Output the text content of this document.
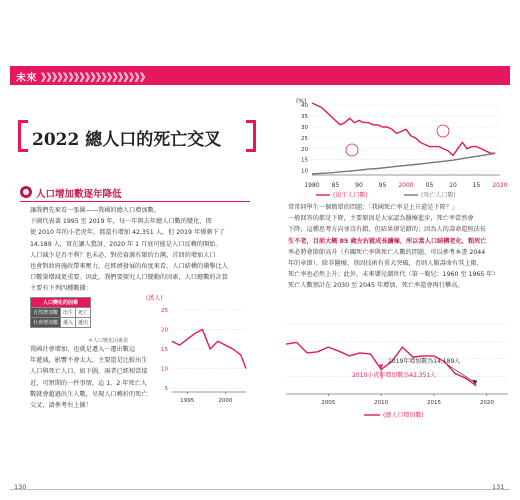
未來 》》》》》》》》》》》》》》》》》》》
2022 總人口的死亡交叉
人口增加數逐年降低
讓我們先來看一張圖——我國的總人口增加數。
下圖代表著 1995 至 2019 年，每一年與去年總人口數的變化，即
使 2010 年的小老虎年，都還有增加 42,351 人，但 2019 年僅剩下了
14,189 人，實在讓人驚訝，2020 年 1 月底可能是人口反轉的開始。
人口減少是否不利？也未必，對於資源有限的台灣，首回的增加人口
也會對政府施政帶來壓力，在經濟發展的角度來看，人口結構的衝擊比人
口數量增減更重要。因此，我們要探究人口變動的因素，人口總數的計算
主要有下列四種數據：
人口變化的因素		
自然增加數	出生	死亡
社會增加數	遷入	遷出
＊人口變化因素表
我國社會增加，也就是遷入－遷出數這
年遞減，影響不會太大，主要還是比較出生
人口與死亡人口，如下圖，兩者已經相當接
近，可預期的一件事情，這 1、2 年死亡人
數就會超過出生人數，呈現人口轉折的死亡
交叉，請參考右上圖！
常常同學生一個簡單的問題：「我國死亡率是上升還是下降？」
一般回答的都是下降，主要原因是大家認為醫療進步，死亡率當然會
下降，這種思考方向並沒有錯，但結果卻是錯的；因為人的壽命還無法長
生不老，目前大概 85 歲左右就成長續極，所以當人口結構老化，粗死亡
率必將會節節高升（有關死亡率與死亡人數的問題，可以參考本書 2044
年的章節），除非醫療、基因技術有重大突破，否則人類壽命有其上限，
死亡率也必然上升；此外，未來嬰兒潮世代（第一嬰兒：1960 至 1965 年）
死亡人數預計在 2030 至 2045 年增加，死亡率還會再行攀高。
130	131
10
15
20
25
30
35
40
(%)
1980 85	90	95 2000 05	10	15 2020
(出生人口數)	(死亡人口數)
5
10
15
20
25
(萬人)
1995	2000	2005	2010	2015	2020
2019年增加數為14,189人
2010小虎年增加數為42,351人
(總人口增加數)
